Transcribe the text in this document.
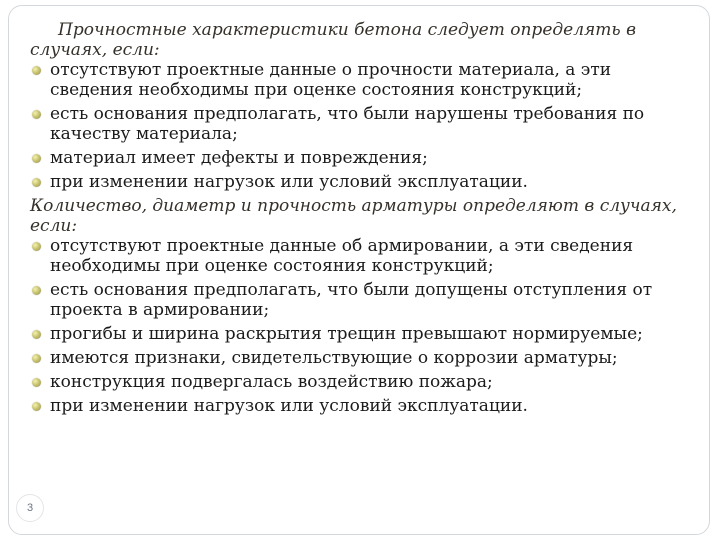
Прочностные характеристики бетона следует определять в случаях, если:

отсутствуют проектные данные о прочности материала, а эти сведения необходимы при оценке состояния конструкций;
есть основания предполагать, что были нарушены требования по качеству материала;
материал имеет дефекты и повреждения;
при изменении нагрузок или условий эксплуатации.

Количество, диаметр и прочность арматуры определяют в случаях, если:

отсутствуют проектные данные об армировании, а эти сведения необходимы при оценке состояния конструкций;
есть основания предполагать, что были допущены отступления от проекта в армировании;
прогибы и ширина раскрытия трещин превышают нормируемые;
имеются признаки, свидетельствующие о коррозии арматуры;
конструкция подвергалась воздействию пожара;
при изменении нагрузок или условий эксплуатации.
3
